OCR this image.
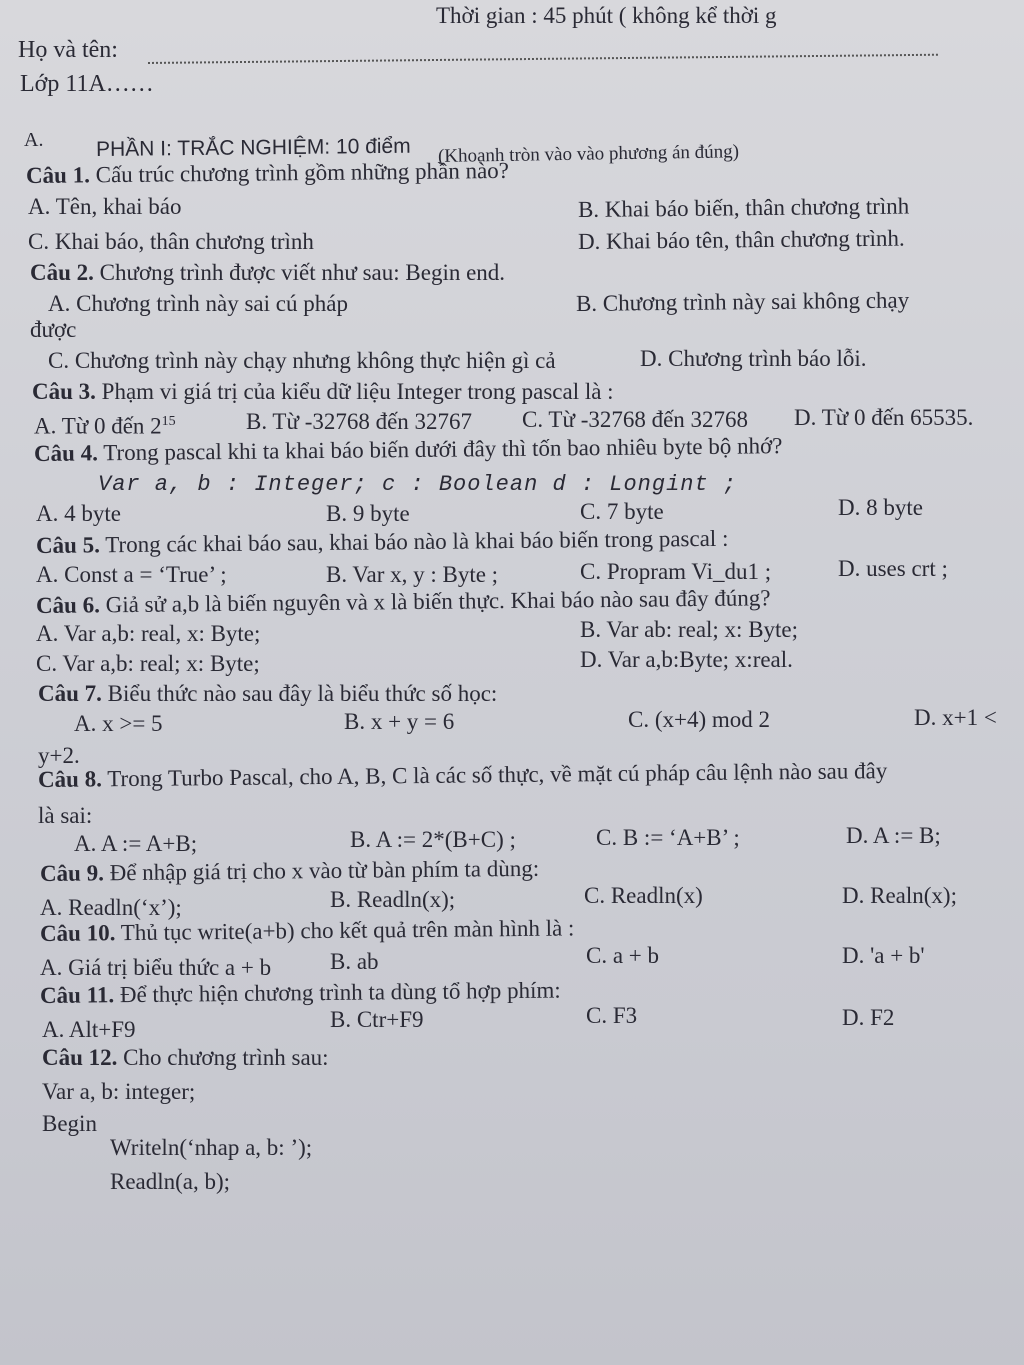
Thời gian : 45 phút ( không kể thời g
Họ và tên:
Lớp 11A……
A. PHẦN I: TRẮC NGHIỆM: 10 điểm (Khoanh tròn vào vào phương án đúng)
Câu 1. Cấu trúc chương trình gồm những phần nào?
A. Tên, khai báo	B. Khai báo biến, thân chương trình
C. Khai báo, thân chương trình	D. Khai báo tên, thân chương trình.
Câu 2. Chương trình được viết như sau: Begin end.
A. Chương trình này sai cú pháp	B. Chương trình này sai không chạy
được
C. Chương trình này chạy nhưng không thực hiện gì cả	D. Chương trình báo lỗi.
Câu 3. Phạm vi giá trị của kiểu dữ liệu Integer trong pascal là :
A. Từ 0 đến $2^{15}$	B. Từ -32768 đến 32767 C. Từ -32768 đến 32768 D. Từ 0 đến 65535.
Câu 4. Trong pascal khi ta khai báo biến dưới đây thì tốn bao nhiêu byte bộ nhớ?
Var a, b : Integer; c : Boolean d : Longint ;
A. 4 byte	B. 9 byte	C. 7 byte	D. 8 byte
Câu 5. Trong các khai báo sau, khai báo nào là khai báo biến trong pascal :
A. Const a = ‘True’ ;	B. Var x, y : Byte ;	C. Propram Vi_du1 ;	D. uses crt ;
Câu 6. Giả sử a,b là biến nguyên và x là biến thực. Khai báo nào sau đây đúng?
A. Var a,b: real, x: Byte;	B. Var ab: real; x: Byte;
C. Var a,b: real; x: Byte;	D. Var a,b:Byte; x:real.
Câu 7. Biểu thức nào sau đây là biểu thức số học:
A. x >= 5	B. x + y = 6	C. (x+4) mod 2	D. x+1 <
y+2.
Câu 8. Trong Turbo Pascal, cho A, B, C là các số thực, về mặt cú pháp câu lệnh nào sau đây
là sai:
A. A := A+B;	B. A := 2*(B+C) ;	C. B := ‘A+B’ ;	D. A := B;
Câu 9. Để nhập giá trị cho x vào từ bàn phím ta dùng:
A. Readln(‘x’);	B. Readln(x);	C. Readln(x)	D. Realn(x);
Câu 10. Thủ tục write(a+b) cho kết quả trên màn hình là :
A. Giá trị biểu thức a + b	B. ab	C. a + b	D. 'a + b'
Câu 11. Để thực hiện chương trình ta dùng tổ hợp phím:
A. Alt+F9	B. Ctr+F9	C. F3	D. F2
Câu 12. Cho chương trình sau:
Var a, b: integer;
Begin
Writeln(‘nhap a, b: ’);
Readln(a, b);
